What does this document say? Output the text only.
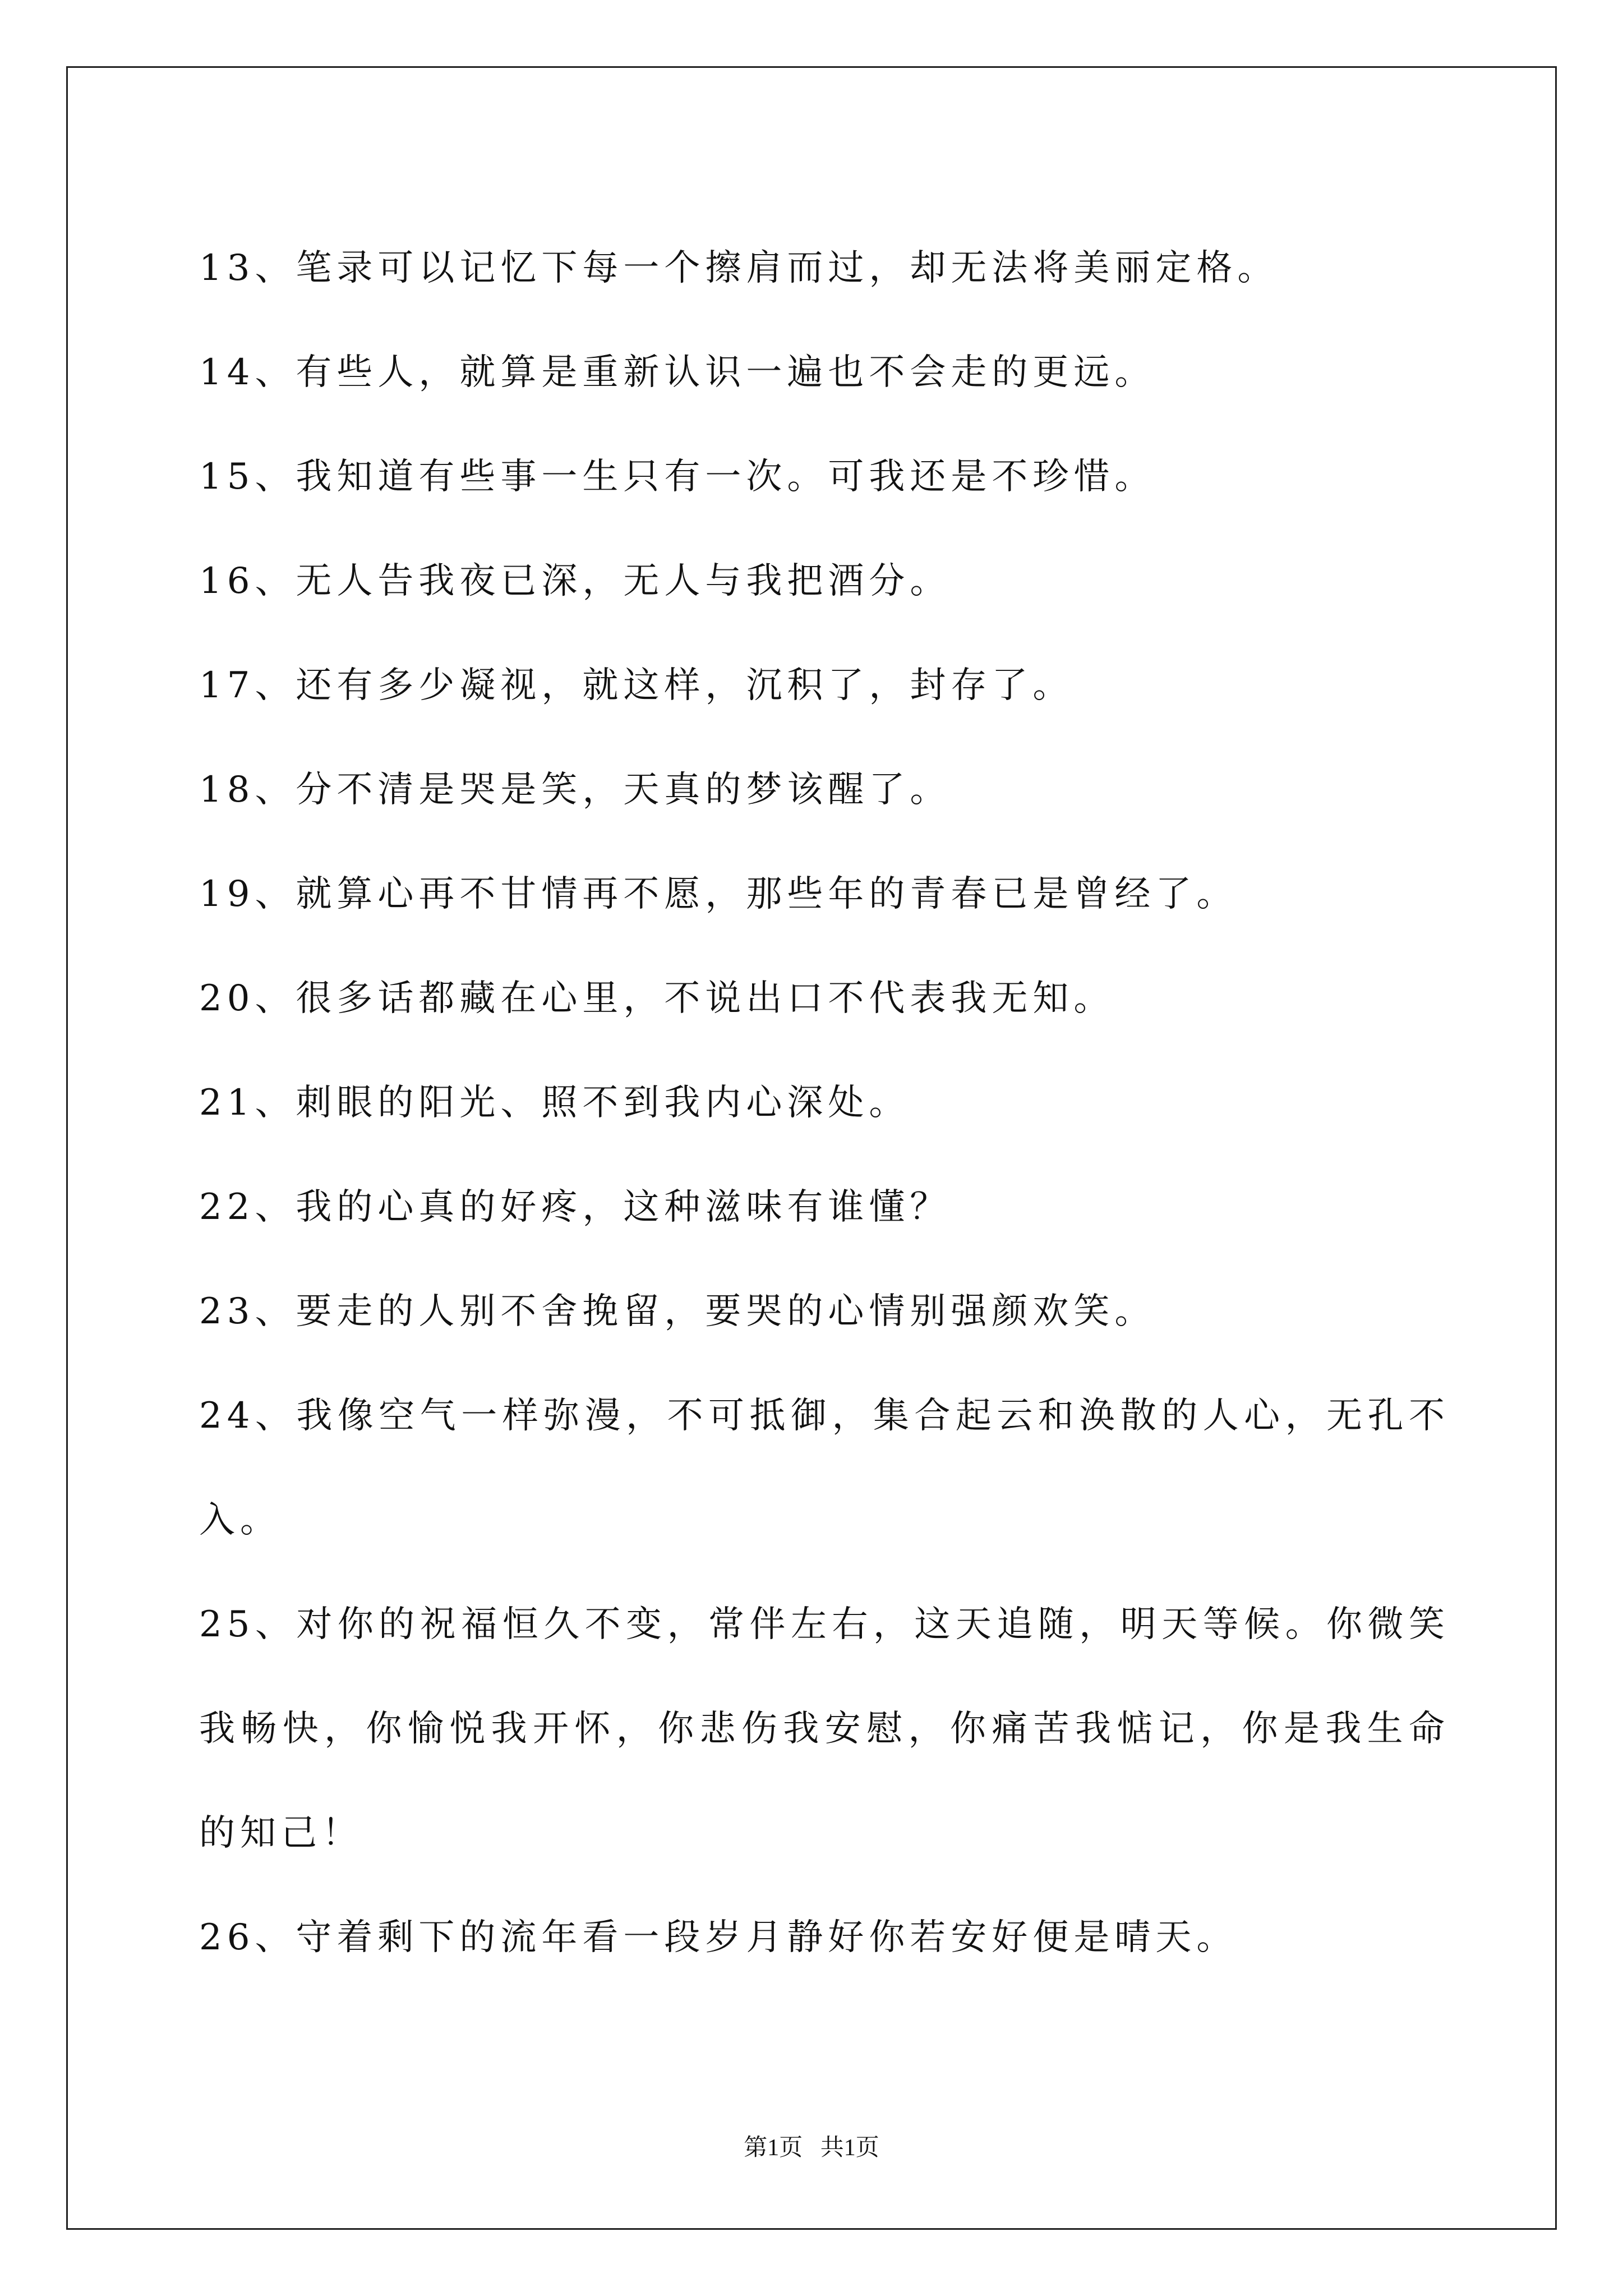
13、笔录可以记忆下每一个擦肩而过，却无法将美丽定格。

14、有些人，就算是重新认识一遍也不会走的更远。

15、我知道有些事一生只有一次。可我还是不珍惜。

16、无人告我夜已深，无人与我把酒分。

17、还有多少凝视，就这样，沉积了，封存了。

18、分不清是哭是笑，天真的梦该醒了。

19、就算心再不甘情再不愿，那些年的青春已是曾经了。

20、很多话都藏在心里，不说出口不代表我无知。

21、刺眼的阳光、照不到我内心深处。

22、我的心真的好疼，这种滋味有谁懂？

23、要走的人别不舍挽留，要哭的心情别强颜欢笑。

24、我像空气一样弥漫，不可抵御，集合起云和涣散的人心，无孔不入。

25、对你的祝福恒久不变，常伴左右，这天追随，明天等候。你微笑我畅快，你愉悦我开怀，你悲伤我安慰，你痛苦我惦记，你是我生命的知己！

26、守着剩下的流年看一段岁月静好你若安好便是晴天。

第1页   共1页
